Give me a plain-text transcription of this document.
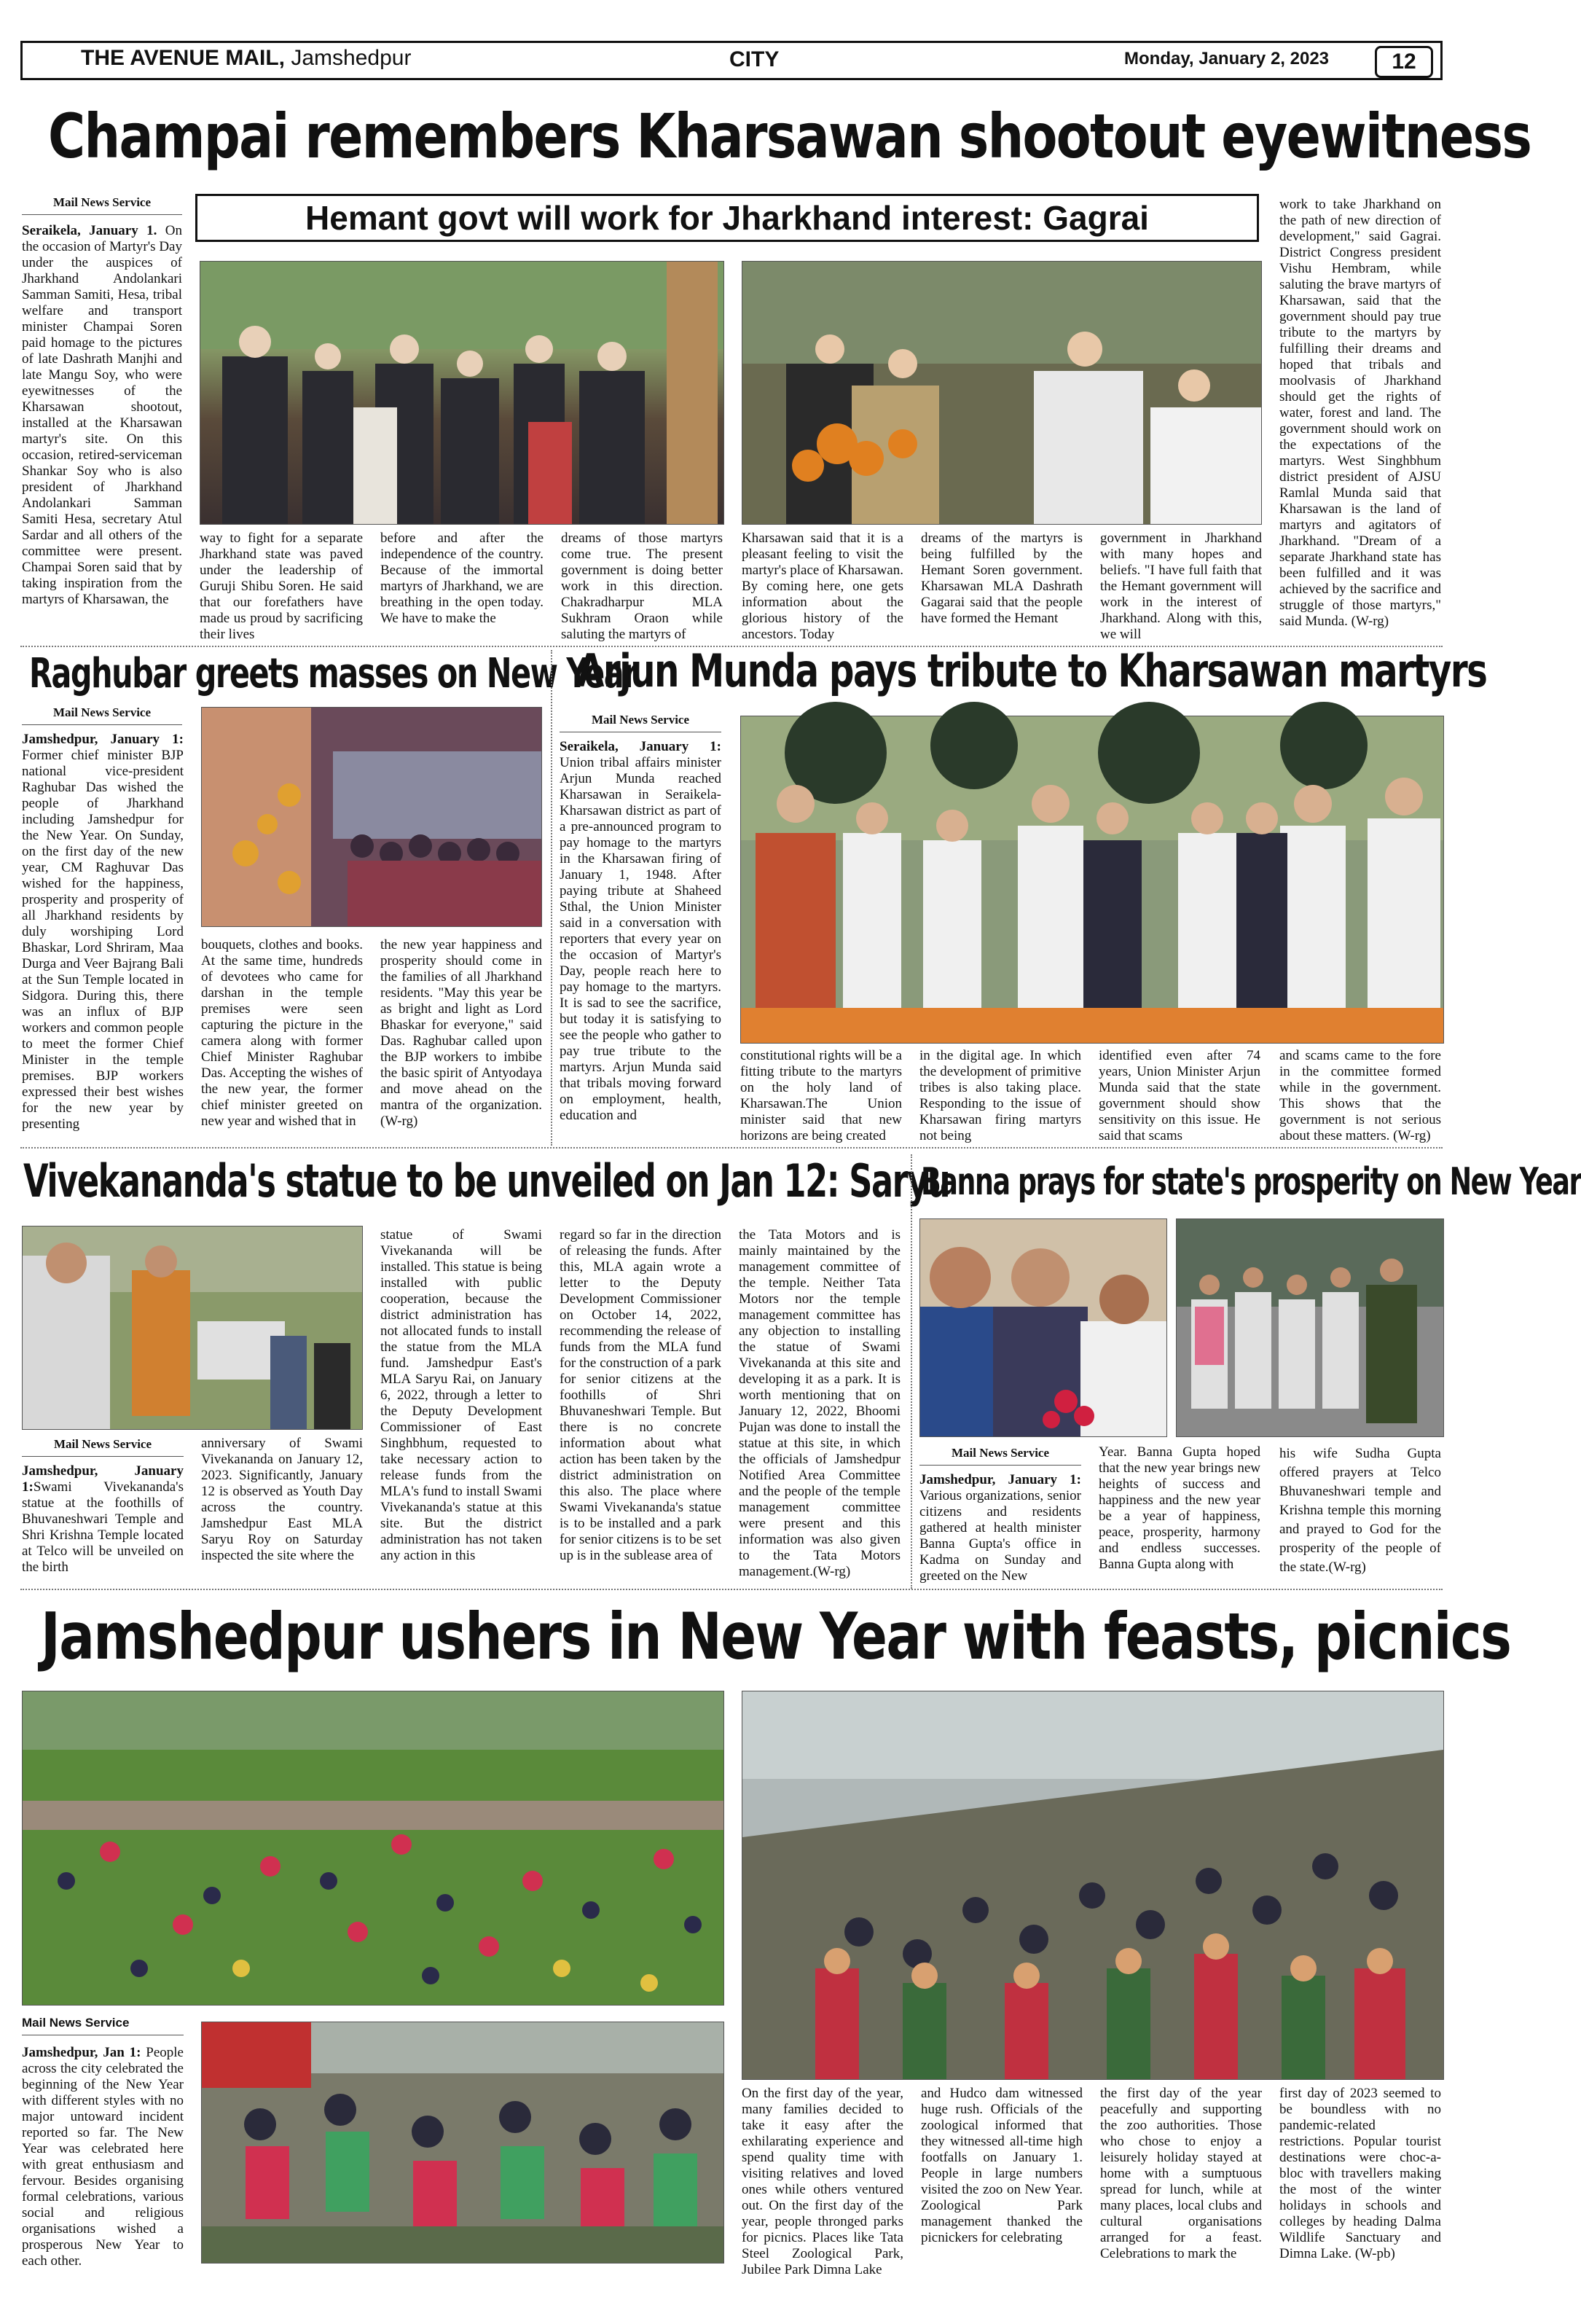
THE AVENUE MAIL, Jamshedpur	CITY	Monday, January 2, 2023	12
Champai remembers Kharsawan shootout eyewitness
Mail News Service	Hemant govt will work for Jharkhand interest: Gagrai

Seraikela, January 1. On the occasion of Martyr's Day under the auspices of Jharkhand Andolankari Samman Samiti, Hesa, tribal welfare and transport minister Champai Soren paid homage to the pictures of late Dashrath Manjhi and late Mangu Soy, who were eyewitnesses of the Kharsawan shootout, installed at the Kharsawan martyr's site. On this occasion, retired-serviceman Shankar Soy who is also president of Jharkhand Andolankari Samman Samiti Hesa, secretary Atul Sardar and all others of the committee were present. Champai Soren said that by taking inspiration from the martyrs of Kharsawan, the

way to fight for a separate Jharkhand state was paved under the leadership of Guruji Shibu Soren. He said that our forefathers have made us proud by sacrificing their lives
before and after the independence of the country. Because of the immortal martyrs of Jharkhand, we are breathing in the open today. We have to make the
dreams of those martyrs come true. The present government is doing better work in this direction. Chakradharpur MLA Sukhram Oraon while saluting the martyrs of
Kharsawan said that it is a pleasant feeling to visit the martyr's place of Kharsawan. By coming here, one gets information about the glorious history of the ancestors. Today
dreams of the martyrs is being fulfilled by the Hemant Soren government. Kharsawan MLA Dashrath Gagarai said that the people have formed the Hemant
government in Jharkhand with many hopes and beliefs. "I have full faith that the Hemant government will work in the interest of Jharkhand. Along with this, we will
work to take Jharkhand on the path of new direction of development," said Gagrai. District Congress president Vishu Hembram, while saluting the brave martyrs of Kharsawan, said that the government should pay true tribute to the martyrs by fulfilling their dreams and hoped that tribals and moolvasis of Jharkhand should get the rights of water, forest and land. The government should work on the expectations of the martyrs. West Singhbhum district president of AJSU Ramlal Munda said that Kharsawan is the land of martyrs and agitators of Jharkhand. "Dream of a separate Jharkhand state has been fulfilled and it was achieved by the sacrifice and struggle of those martyrs," said Munda. (W-rg)
Raghubar greets masses on New Year
Mail News Service

Jamshedpur, January 1: Former chief minister BJP national vice-president Raghubar Das wished the people of Jharkhand including Jamshedpur for the New Year. On Sunday, on the first day of the new year, CM Raghuvar Das wished for the happiness, prosperity and prosperity of all Jharkhand residents by duly worshiping Lord Bhaskar, Lord Shriram, Maa Durga and Veer Bajrang Bali at the Sun Temple located in Sidgora. During this, there was an influx of BJP workers and common people to meet the former Chief Minister in the temple premises. BJP workers expressed their best wishes for the new year by presenting

bouquets, clothes and books. At the same time, hundreds of devotees who came for darshan in the temple premises were seen capturing the picture in the camera along with former Chief Minister Raghubar Das. Accepting the wishes of the new year, the former chief minister greeted on new year and wished that in
the new year happiness and prosperity should come in the families of all Jharkhand residents. "May this year be as bright and light as Lord Bhaskar for everyone," said Das. Raghubar called upon the BJP workers to imbibe the basic spirit of Antyodaya and move ahead on the mantra of the organization.(W-rg)
Arjun Munda pays tribute to Kharsawan martyrs
Mail News Service

Seraikela, January 1: Union tribal affairs minister Arjun Munda reached Kharsawan in Seraikela-Kharsawan district as part of a pre-announced program to pay homage to the martyrs in the Kharsawan firing of January 1, 1948. After paying tribute at Shaheed Sthal, the Union Minister said in a conversation with reporters that every year on the occasion of Martyr's Day, people reach here to pay homage to the martyrs. It is sad to see the sacrifice, but today it is satisfying to see the people who gather to pay true tribute to the martyrs. Arjun Munda said that tribals moving forward on employment, health, education and

constitutional rights will be a fitting tribute to the martyrs on the holy land of Kharsawan.The Union minister said that new horizons are being created
in the digital age. In which the development of primitive tribes is also taking place. Responding to the issue of Kharsawan firing martyrs not being
identified even after 74 years, Union Minister Arjun Munda said that the state government should show sensitivity on this issue. He said that scams
and scams came to the fore in the committee formed while in the government. This shows that the government is not serious about these matters. (W-rg)
Vivekananda's statue to be unveiled on Jan 12: Saryu
Mail News Service

Jamshedpur, January 1:Swami Vivekananda's statue at the foothills of Bhuvaneshwari Temple and Shri Krishna Temple located at Telco will be unveiled on the birth

anniversary of Swami Vivekananda on January 12, 2023. Significantly, January 12 is observed as Youth Day across the country. Jamshedpur East MLA Saryu Roy on Saturday inspected the site where the
statue of Swami Vivekananda will be installed. This statue is being installed with public cooperation, because the district administration has not allocated funds to install the statue from the MLA fund. Jamshedpur East's MLA Saryu Rai, on January 6, 2022, through a letter to the Deputy Development Commissioner of East Singhbhum, requested to take necessary action to release funds from the MLA's fund to install Swami Vivekananda's statue at this site. But the district administration has not taken any action in this
regard so far in the direction of releasing the funds. After this, MLA again wrote a letter to the Deputy Development Commissioner on October 14, 2022, recommending the release of funds from the MLA fund for the construction of a park for senior citizens at the foothills of Shri Bhuvaneshwari Temple. But there is no concrete information about what action has been taken by the district administration on this also. The place where Swami Vivekananda's statue is to be installed and a park for senior citizens is to be set up is in the sublease area of
the Tata Motors and is mainly maintained by the management committee of the temple. Neither Tata Motors nor the temple management committee has any objection to installing the statue of Swami Vivekananda at this site and developing it as a park. It is worth mentioning that on January 12, 2022, Bhoomi Pujan was done to install the statue at this site, in which the officials of Jamshedpur Notified Area Committee and the people of the temple management committee were present and this information was also given to the Tata Motors management.(W-rg)
Banna prays for state's prosperity on New Year
Mail News Service

Jamshedpur, January 1: Various organizations, senior citizens and residents gathered at health minister Banna Gupta's office in Kadma on Sunday and greeted on the New

Year. Banna Gupta hoped that the new year brings new heights of success and happiness and the new year be a year of happiness, peace, prosperity, harmony and endless successes. Banna Gupta along with
his wife Sudha Gupta offered prayers at Telco Bhuvaneshwari temple and Krishna temple this morning and prayed to God for the prosperity of the people of the state.(W-rg)
Jamshedpur ushers in New Year with feasts, picnics
Mail News Service

Jamshedpur, Jan 1: People across the city celebrated the beginning of the New Year with different styles with no major untoward incident reported so far. The New Year was celebrated here with great enthusiasm and fervour. Besides organising formal celebrations, various social and religious organisations wished a prosperous New Year to each other.

On the first day of the year, many families decided to take it easy after the exhilarating experience and spend quality time with visiting relatives and loved ones while others ventured out. On the first day of the year, people thronged parks for picnics. Places like Tata Steel Zoological Park, Jubilee Park Dimna Lake
and Hudco dam witnessed huge rush. Officials of the zoological informed that they witnessed all-time high footfalls on January 1. People in large numbers visited the zoo on New Year. Zoological Park management thanked the picnickers for celebrating
the first day of the year peacefully and supporting the zoo authorities. Those who chose to enjoy a leisurely holiday stayed at home with a sumptuous spread for lunch, while at many places, local clubs and cultural organisations arranged for a feast. Celebrations to mark the
first day of 2023 seemed to be boundless with no pandemic-related restrictions. Popular tourist destinations were choc-a-bloc with travellers making the most of the winter holidays in schools and colleges by heading Dalma Wildlife Sanctuary and Dimna Lake. (W-pb)
